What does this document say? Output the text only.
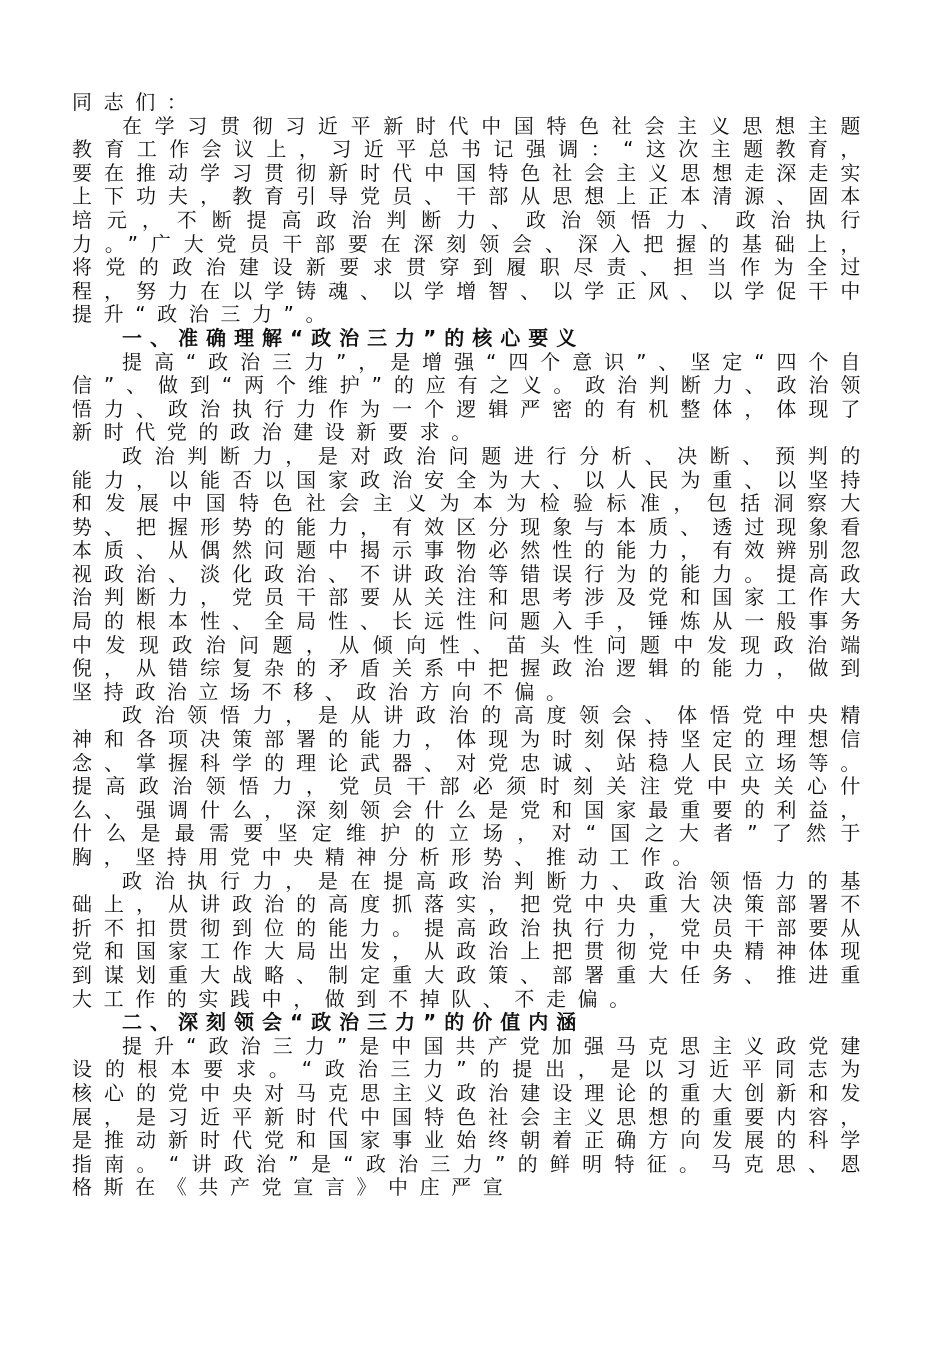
同志们：

在学习贯彻习近平新时代中国特色社会主义思想主题教育工作会议上，习近平总书记强调：“这次主题教育，要在推动学习贯彻新时代中国特色社会主义思想走深走实上下功夫，教育引导党员、干部从思想上正本清源、固本培元，不断提高政治判断力、政治领悟力、政治执行力。”广大党员干部要在深刻领会、深入把握的基础上，将党的政治建设新要求贯穿到履职尽责、担当作为全过程，努力在以学铸魂、以学增智、以学正风、以学促干中提升“政治三力”。

一、准确理解“政治三力”的核心要义

提高“政治三力”，是增强“四个意识”、坚定“四个自信”、做到“两个维护”的应有之义。政治判断力、政治领悟力、政治执行力作为一个逻辑严密的有机整体，体现了新时代党的政治建设新要求。

政治判断力，是对政治问题进行分析、决断、预判的能力，以能否以国家政治安全为大、以人民为重、以坚持和发展中国特色社会主义为本为检验标准，包括洞察大势、把握形势的能力，有效区分现象与本质、透过现象看本质、从偶然问题中揭示事物必然性的能力，有效辨别忽视政治、淡化政治、不讲政治等错误行为的能力。提高政治判断力，党员干部要从关注和思考涉及党和国家工作大局的根本性、全局性、长远性问题入手，锤炼从一般事务中发现政治问题，从倾向性、苗头性问题中发现政治端倪，从错综复杂的矛盾关系中把握政治逻辑的能力，做到坚持政治立场不移、政治方向不偏。

政治领悟力，是从讲政治的高度领会、体悟党中央精神和各项决策部署的能力，体现为时刻保持坚定的理想信念、掌握科学的理论武器、对党忠诚、站稳人民立场等。提高政治领悟力，党员干部必须时刻关注党中央关心什么、强调什么，深刻领会什么是党和国家最重要的利益，什么是最需要坚定维护的立场，对“国之大者”了然于胸，坚持用党中央精神分析形势、推动工作。

政治执行力，是在提高政治判断力、政治领悟力的基础上，从讲政治的高度抓落实，把党中央重大决策部署不折不扣贯彻到位的能力。提高政治执行力，党员干部要从党和国家工作大局出发，从政治上把贯彻党中央精神体现到谋划重大战略、制定重大政策、部署重大任务、推进重大工作的实践中，做到不掉队、不走偏。

二、深刻领会“政治三力”的价值内涵

提升“政治三力”是中国共产党加强马克思主义政党建设的根本要求。“政治三力”的提出，是以习近平同志为核心的党中央对马克思主义政治建设理论的重大创新和发展，是习近平新时代中国特色社会主义思想的重要内容，是推动新时代党和国家事业始终朝着正确方向发展的科学指南。“讲政治”是“政治三力”的鲜明特征。马克思、恩格斯在《共产党宣言》中庄严宣
